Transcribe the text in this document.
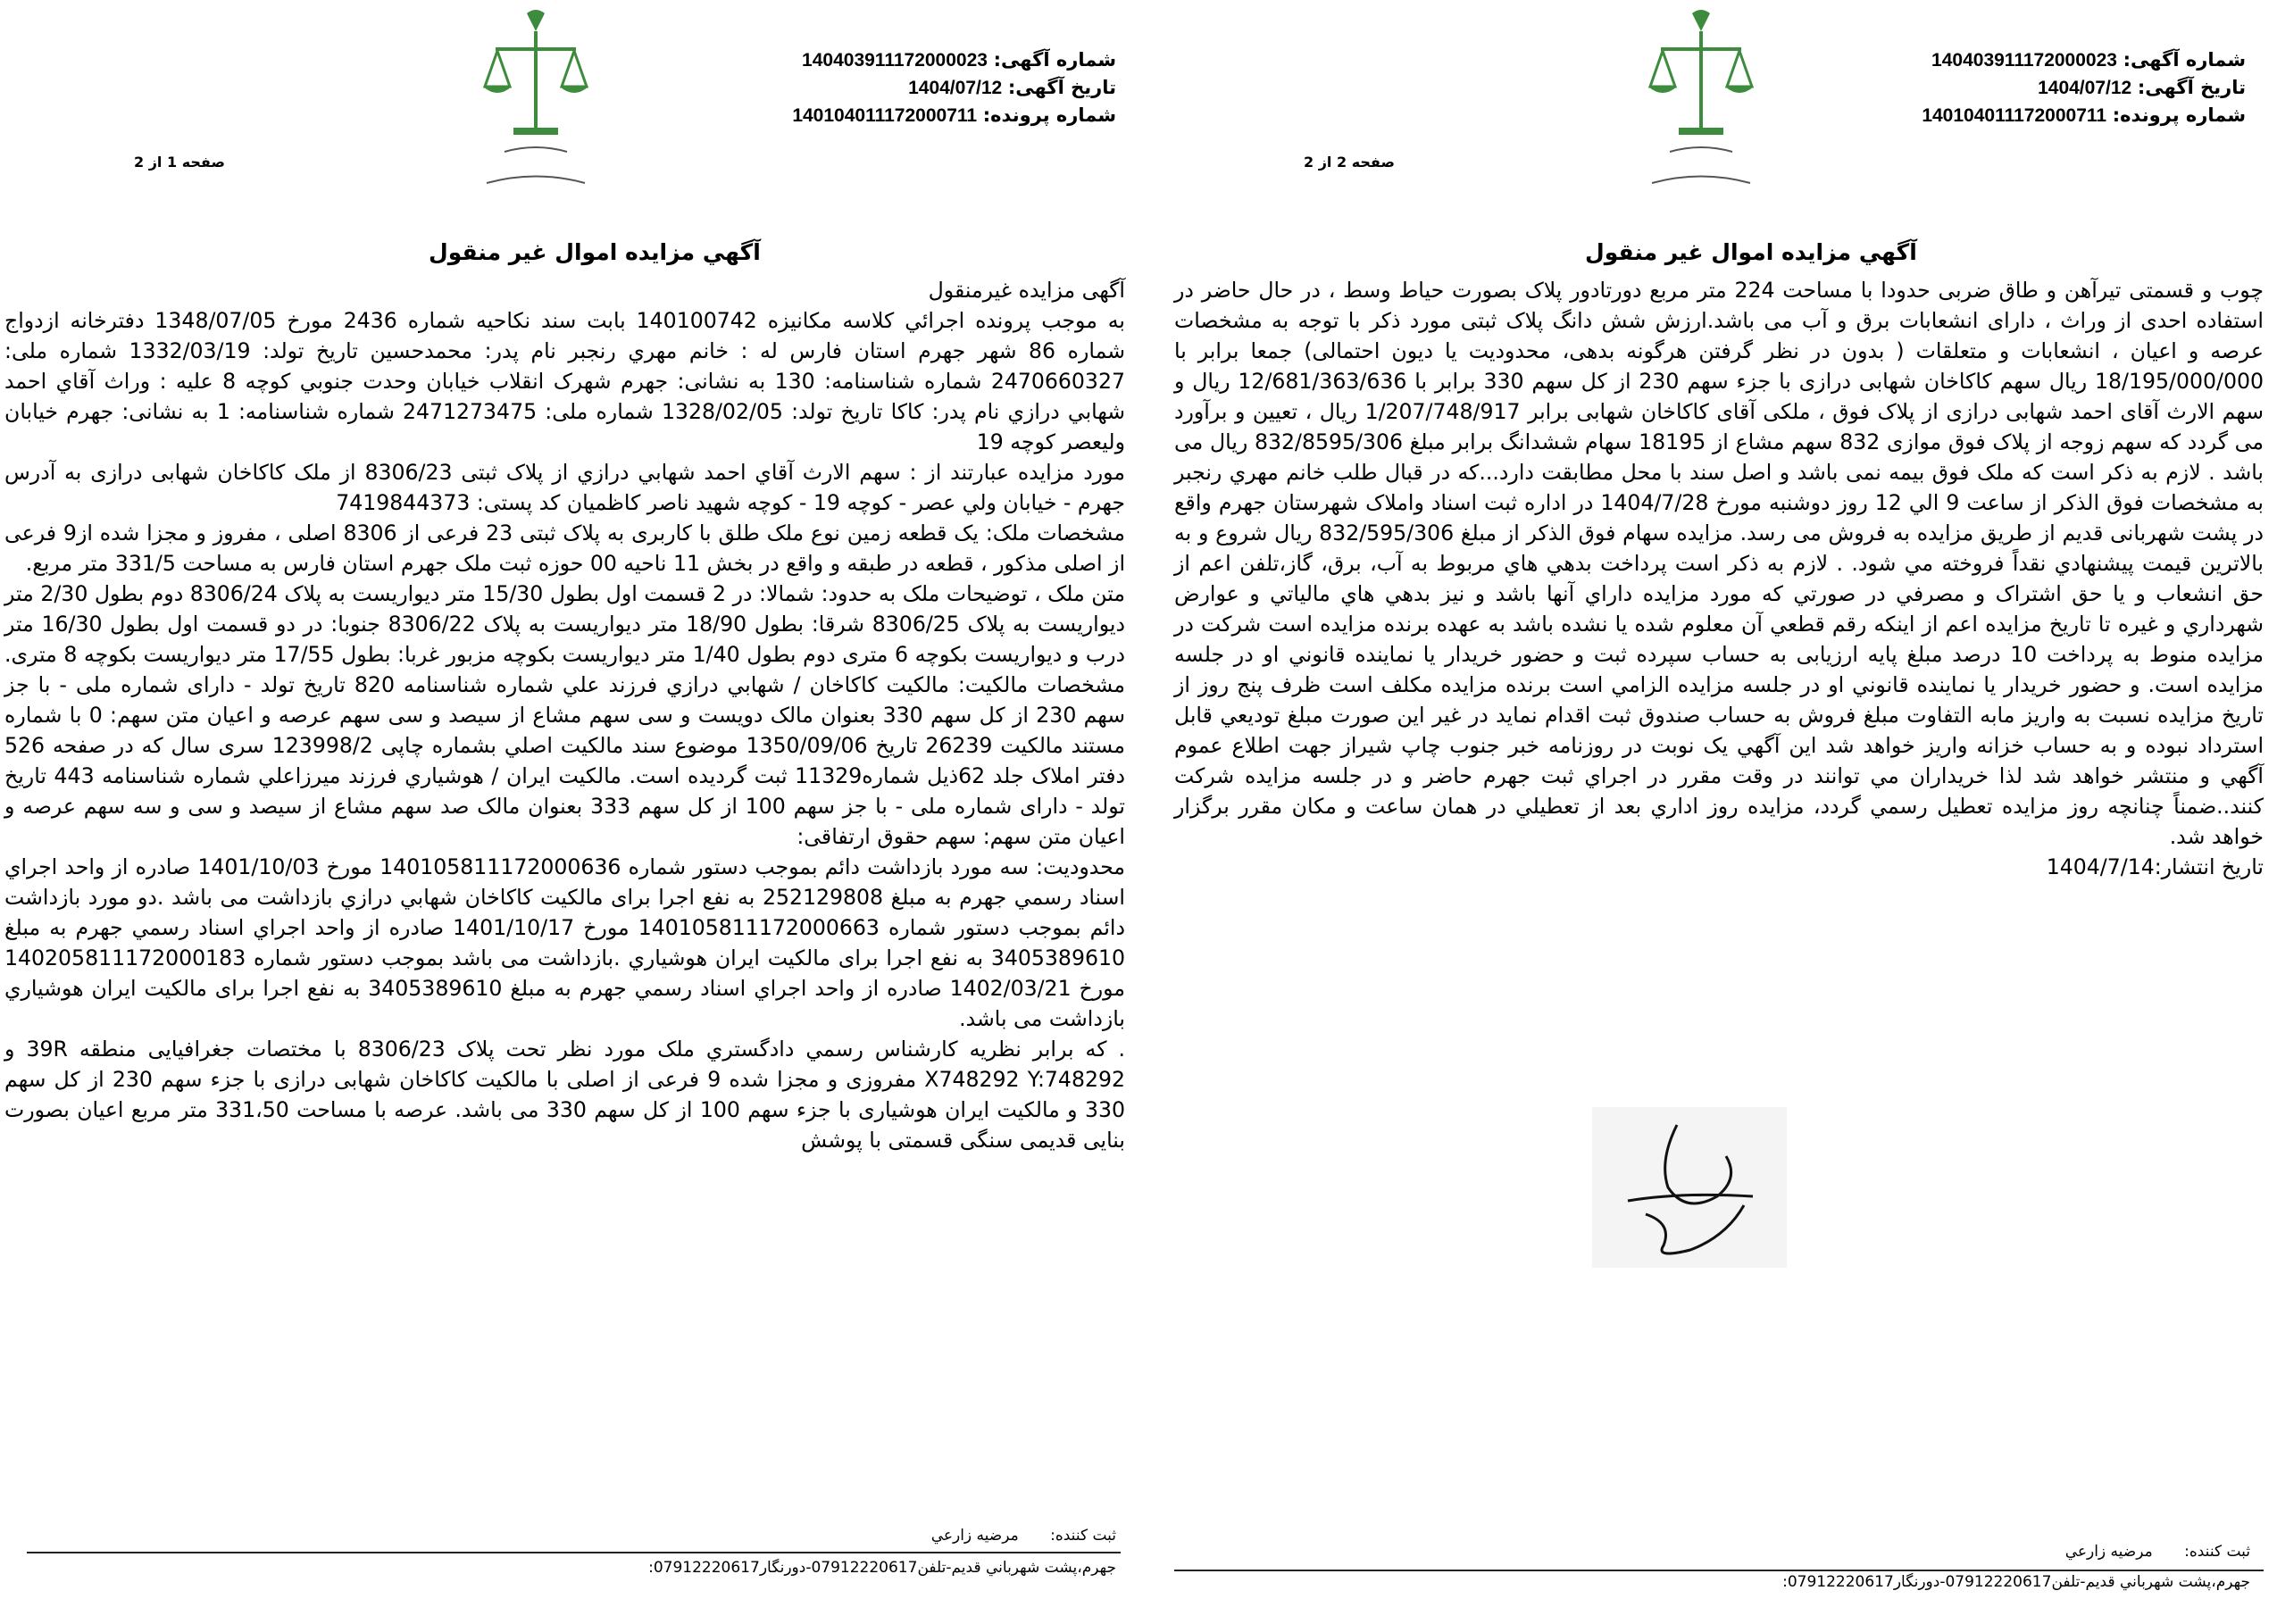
شماره آگهی: 140403911172000023
تاریخ آگهی: 1404/07/12
شماره پرونده: 140104011172000711
صفحه 1 از 2
آگهي مزايده اموال غير منقول

آگهی مزایده غیرمنقول

به موجب پرونده اجرائي کلاسه مکانيزه 140100742 بابت سند نکاحيه شماره 2436 مورخ 1348/07/05 دفترخانه ازدواج شماره 86 شهر جهرم استان فارس له : خانم مهري رنجبر نام پدر: محمدحسين تاريخ تولد: 1332/03/19 شماره ملی: 2470660327 شماره شناسنامه: 130 به نشانی: جهرم شهرک انقلاب خيابان وحدت جنوبي کوچه 8 عليه : وراث آقاي احمد شهابي درازي نام پدر: کاکا تاريخ تولد: 1328/02/05 شماره ملی: 2471273475 شماره شناسنامه: 1 به نشانی: جهرم خيابان وليعصر کوچه 19

مورد مزايده عبارتند از : سهم الارث آقاي احمد شهابي درازي از پلاک ثبتی 8306/23 از ملک کاکاخان شهابی درازی به آدرس جهرم - خيابان ولي عصر - کوچه 19 - کوچه شهيد ناصر کاظميان کد پستی: 7419844373

مشخصات ملک: يک قطعه زمين نوع ملک طلق با کاربری به پلاک ثبتی 23 فرعی از 8306 اصلی ، مفروز و مجزا شده از9 فرعی از اصلی مذکور ، قطعه در طبقه و واقع در بخش 11 ناحيه 00 حوزه ثبت ملک جهرم استان فارس به مساحت 331/5 متر مربع.

متن ملک ، توضيحات ملک به حدود: شمالا: در 2 قسمت اول بطول 15/30 متر ديواريست به پلاک 8306/24 دوم بطول 2/30 متر ديواريست به پلاک 8306/25 شرقا: بطول 18/90 متر ديواريست به پلاک 8306/22 جنوبا: در دو قسمت اول بطول 16/30 متر درب و ديواريست بکوچه 6 متری دوم بطول 1/40 متر ديواريست بکوچه مزبور غربا: بطول 17/55 متر ديواريست بکوچه 8 متری. مشخصات مالکيت: مالکيت کاکاخان / شهابي درازي فرزند علي شماره شناسنامه 820 تاريخ تولد - دارای شماره ملی - با جز سهم 230 از کل سهم 330 بعنوان مالک دويست و سی سهم مشاع از سيصد و سی سهم عرصه و اعيان متن سهم: 0 با شماره مستند مالکيت 26239 تاريخ 1350/09/06 موضوع سند مالکيت اصلي بشماره چاپی 123998/2 سری سال که در صفحه 526 دفتر املاک جلد 62ذيل شماره11329 ثبت گرديده است. مالکيت ايران / هوشياري فرزند ميرزاعلي شماره شناسنامه 443 تاريخ تولد - دارای شماره ملی - با جز سهم 100 از کل سهم 333 بعنوان مالک صد سهم مشاع از سيصد و سی و سه سهم عرصه و اعيان متن سهم: سهم حقوق ارتفاقی:

محدوديت: سه مورد بازداشت دائم بموجب دستور شماره 140105811172000636 مورخ 1401/10/03 صادره از واحد اجراي اسناد رسمي جهرم به مبلغ 252129808 به نفع اجرا برای مالکيت کاکاخان شهابي درازي بازداشت می باشد .دو مورد بازداشت دائم بموجب دستور شماره 140105811172000663 مورخ 1401/10/17 صادره از واحد اجراي اسناد رسمي جهرم به مبلغ 3405389610 به نفع اجرا برای مالکيت ايران هوشياري .بازداشت می باشد بموجب دستور شماره 140205811172000183 مورخ 1402/03/21 صادره از واحد اجراي اسناد رسمي جهرم به مبلغ 3405389610 به نفع اجرا برای مالکيت ايران هوشياري بازداشت می باشد.

. که برابر نظريه کارشناس رسمي دادگستري ملک مورد نظر تحت پلاک 8306/23 با مختصات جغرافيايی منطقه 39R و X748292 Y:748292 مفروزی و مجزا شده 9 فرعی از اصلی با مالکيت کاکاخان شهابی درازی با جزء سهم 230 از کل سهم 330 و مالکيت ايران هوشياری با جزء سهم 100 از کل سهم 330 می باشد. عرصه با مساحت 331،50 متر مربع اعيان بصورت بنايی قديمی سنگی قسمتی با پوشش

ثبت کننده: مرضيه زارعي
جهرم،پشت شهرباني قديم-تلفن07912220617-دورنگار07912220617:
شماره آگهی: 140403911172000023
تاریخ آگهی: 1404/07/12
شماره پرونده: 140104011172000711
صفحه 2 از 2
آگهي مزايده اموال غير منقول

چوب و قسمتی تيرآهن و طاق ضربی حدودا با مساحت 224 متر مربع دورتادور پلاک بصورت حياط وسط ، در حال حاضر در استفاده احدی از وراث ، دارای انشعابات برق و آب می باشد.ارزش شش دانگ پلاک ثبتی مورد ذکر با توجه به مشخصات عرصه و اعيان ، انشعابات و متعلقات ( بدون در نظر گرفتن هرگونه بدهی، محدوديت يا ديون احتمالی) جمعا برابر با 18/195/000/000 ريال سهم کاکاخان شهابی درازی با جزء سهم 230 از کل سهم 330 برابر با 12/681/363/636 ريال و سهم الارث آقای احمد شهابی درازی از پلاک فوق ، ملکی آقای کاکاخان شهابی برابر 1/207/748/917 ريال ، تعيين و برآورد می گردد که سهم زوجه از پلاک فوق موازی 832 سهم مشاع از 18195 سهام ششدانگ برابر مبلغ 832/8595/306 ريال می باشد . لازم به ذکر است که ملک فوق بيمه نمی باشد و اصل سند با محل مطابقت دارد...که در قبال طلب خانم مهري رنجبر به مشخصات فوق الذکر از ساعت 9 الي 12 روز دوشنبه مورخ 1404/7/28 در اداره ثبت اسناد واملاک شهرستان جهرم واقع در پشت شهربانی قديم از طريق مزايده به فروش می رسد. مزايده سهام فوق الذکر از مبلغ 832/595/306 ريال شروع و به بالاترين قيمت پيشنهادي نقداً فروخته مي شود. . لازم به ذکر است پرداخت بدهي هاي مربوط به آب، برق، گاز،تلفن اعم از حق انشعاب و يا حق اشتراک و مصرفي در صورتي که مورد مزايده داراي آنها باشد و نيز بدهي هاي مالياتي و عوارض شهرداري و غيره تا تاريخ مزايده اعم از اينکه رقم قطعي آن معلوم شده يا نشده باشد به عهده برنده مزايده است شرکت در مزايده منوط به پرداخت 10 درصد مبلغ پايه ارزيابی به حساب سپرده ثبت و حضور خريدار يا نماينده قانوني او در جلسه مزايده است. و حضور خريدار يا نماينده قانوني او در جلسه مزايده الزامي است برنده مزايده مکلف است ظرف پنج روز از تاريخ مزايده نسبت به واريز مابه التفاوت مبلغ فروش به حساب صندوق ثبت اقدام نمايد در غير اين صورت مبلغ توديعي قابل استرداد نبوده و به حساب خزانه واريز خواهد شد اين آگهي يک نوبت در روزنامه خبر جنوب چاپ شيراز جهت اطلاع عموم آگهي و منتشر خواهد شد لذا خريداران مي توانند در وقت مقرر در اجراي ثبت جهرم حاضر و در جلسه مزايده شرکت کنند..ضمناً چنانچه روز مزايده تعطيل رسمي گردد، مزايده روز اداري بعد از تعطيلي در همان ساعت و مکان مقرر برگزار خواهد شد.

تاريخ انتشار:1404/7/14

ثبت کننده: مرضيه زارعي
جهرم،پشت شهرباني قديم-تلفن07912220617-دورنگار07912220617:
